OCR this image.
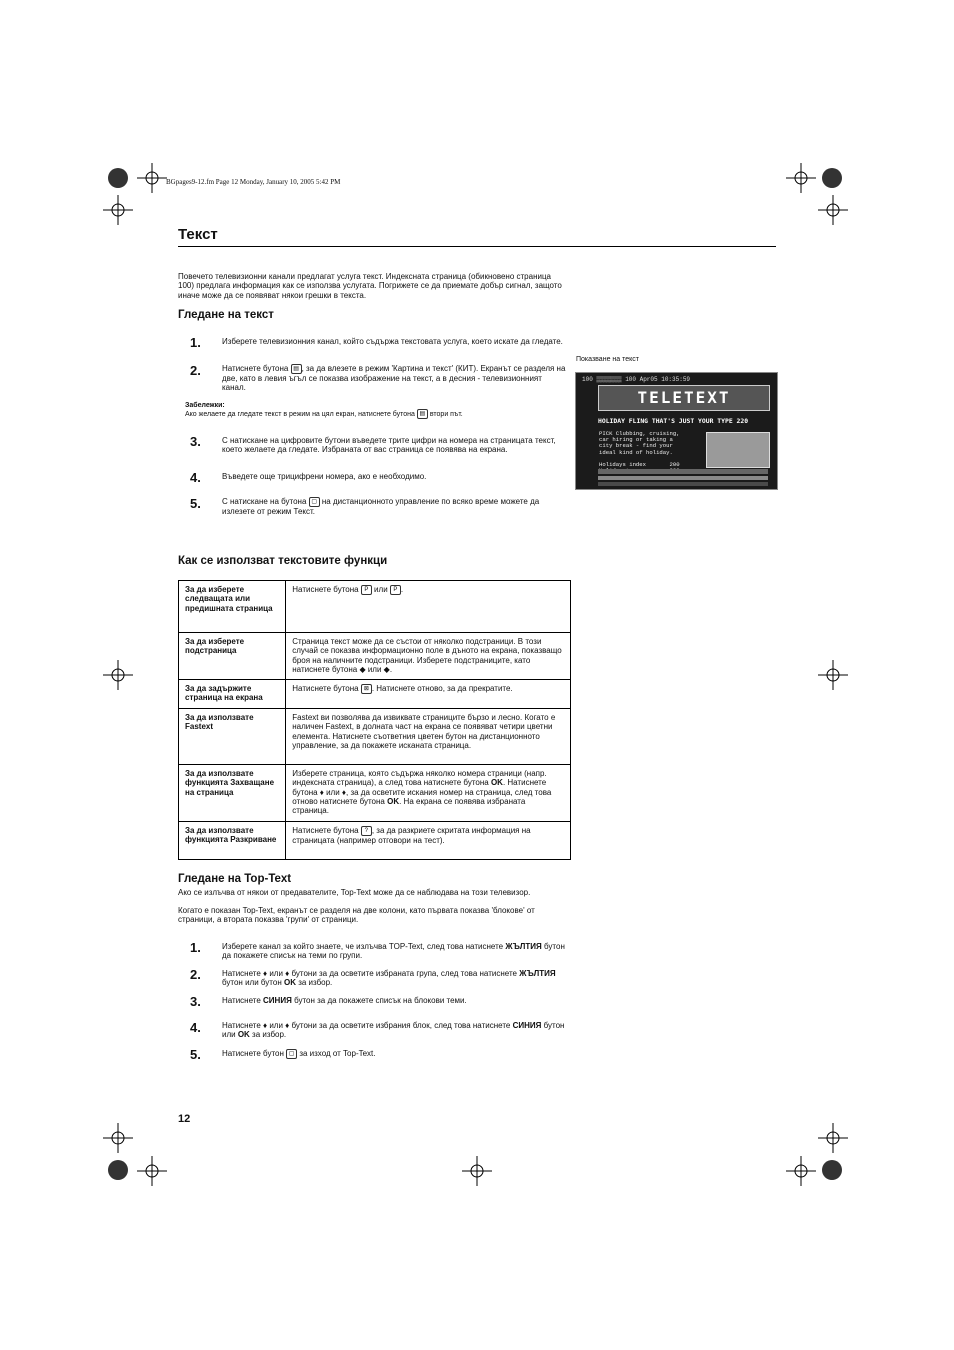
BGpages9-12.fm Page 12 Monday, January 10, 2005 5:42 PM
Текст
Повечето телевизионни канали предлагат услуга текст. Индексната страница (обикновено страница 100) предлага информация как се използва услугата. Погрижете се да приемате добър сигнал, защото иначе може да се появяват някои грешки в текста.
Гледане на текст
1.	Изберете телевизионния канал, който съдържа текстовата услуга, което искате да гледате.
2.	Натиснете бутона ▤ , за да влезете в режим 'Картина и текст' (КИТ). Екранът се разделя на две, като в левия ъгъл се показва изображение на текст, а в десния - телевизионният канал.
Забележки:
Ако желаете да гледате текст в режим на цял екран, натиснете бутона ▤ втори път.
3.	С натискане на цифровите бутони въведете трите цифри на номера на страницата текст, което желаете да гледате. Избраната от вас страница се появява на екрана.
4.	Въведете още трицифрени номера, ако е необходимо.
5.	С натискане на бутона ▢ на дистанционното управление по всяко време можете да излезете от режим Текст.
Показване на текст
100 ▒▒▒▒▒▒▒ 100 Apr05 10:35:59
TELETEXT
HOLIDAY FLING THAT'S JUST YOUR TYPE 220
PICK Clubbing, cruising,
car hiring or taking a
city break - find your
ideal kind of holiday.

Holidays index       200

Как се използват текстовите функци
За да изберете следващата или предишната страница	Натиснете бутона P или P .
За да изберете подстраница	Страница текст може да се състои от няколко подстраници. В този случай се показва информационно поле в дъното на екрана, показващо броя на наличните подстраници. Изберете подстраниците, като натиснете бутона ◆ или ◆.
За да задържите страница на екрана	Натиснете бутона ⊠ . Натиснете отново, за да прекратите.
За да използвате Fastext	Fastext ви позволява да извиквате страниците бързо и лесно. Когато е наличен Fastext, в долната част на екрана се появяват четири цветни елемента. Натиснете съответния цветен бутон на дистанционното управление, за да покажете исканата страница.
За да използвате функцията Захващане на страница	Изберете страница, която съдържа няколко номера страници (напр. индексната страница), а след това натиснете бутона OK. Натиснете бутона ♦ или ♦, за да осветите искания номер на страница, след това отново натиснете бутона OK. На екрана се появява избраната страница.
За да използвате функцията Разкриване	Натиснете бутона ? , за да разкриете скритата информация на страницата (например отговори на тест).
Гледане на Top-Text
Ако се излъчва от някои от предавателите, Top-Text може да се наблюдава на този телевизор.
Когато е показан Top-Text, екранът се разделя на две колони, като първата показва 'блокове' от страници, а втората показва 'групи' от страници.
1.	Изберете канал за който знаете, че излъчва TOP-Text, след това натиснете ЖЪЛТИЯ бутон да покажете списък на теми по групи.
2.	Натиснете ♦ или ♦ бутони за да осветите избраната група, след това натиснете ЖЪЛТИЯ бутон или бутон OK за избор.
3.	Натиснете СИНИЯ бутон за да покажете списък на блокови теми.
4.	Натиснете ♦ или ♦ бутони за да осветите избрания блок, след това натиснете СИНИЯ бутон или OK за избор.
5.	Натиснете бутон ▢ за изход от Top-Text.
12
